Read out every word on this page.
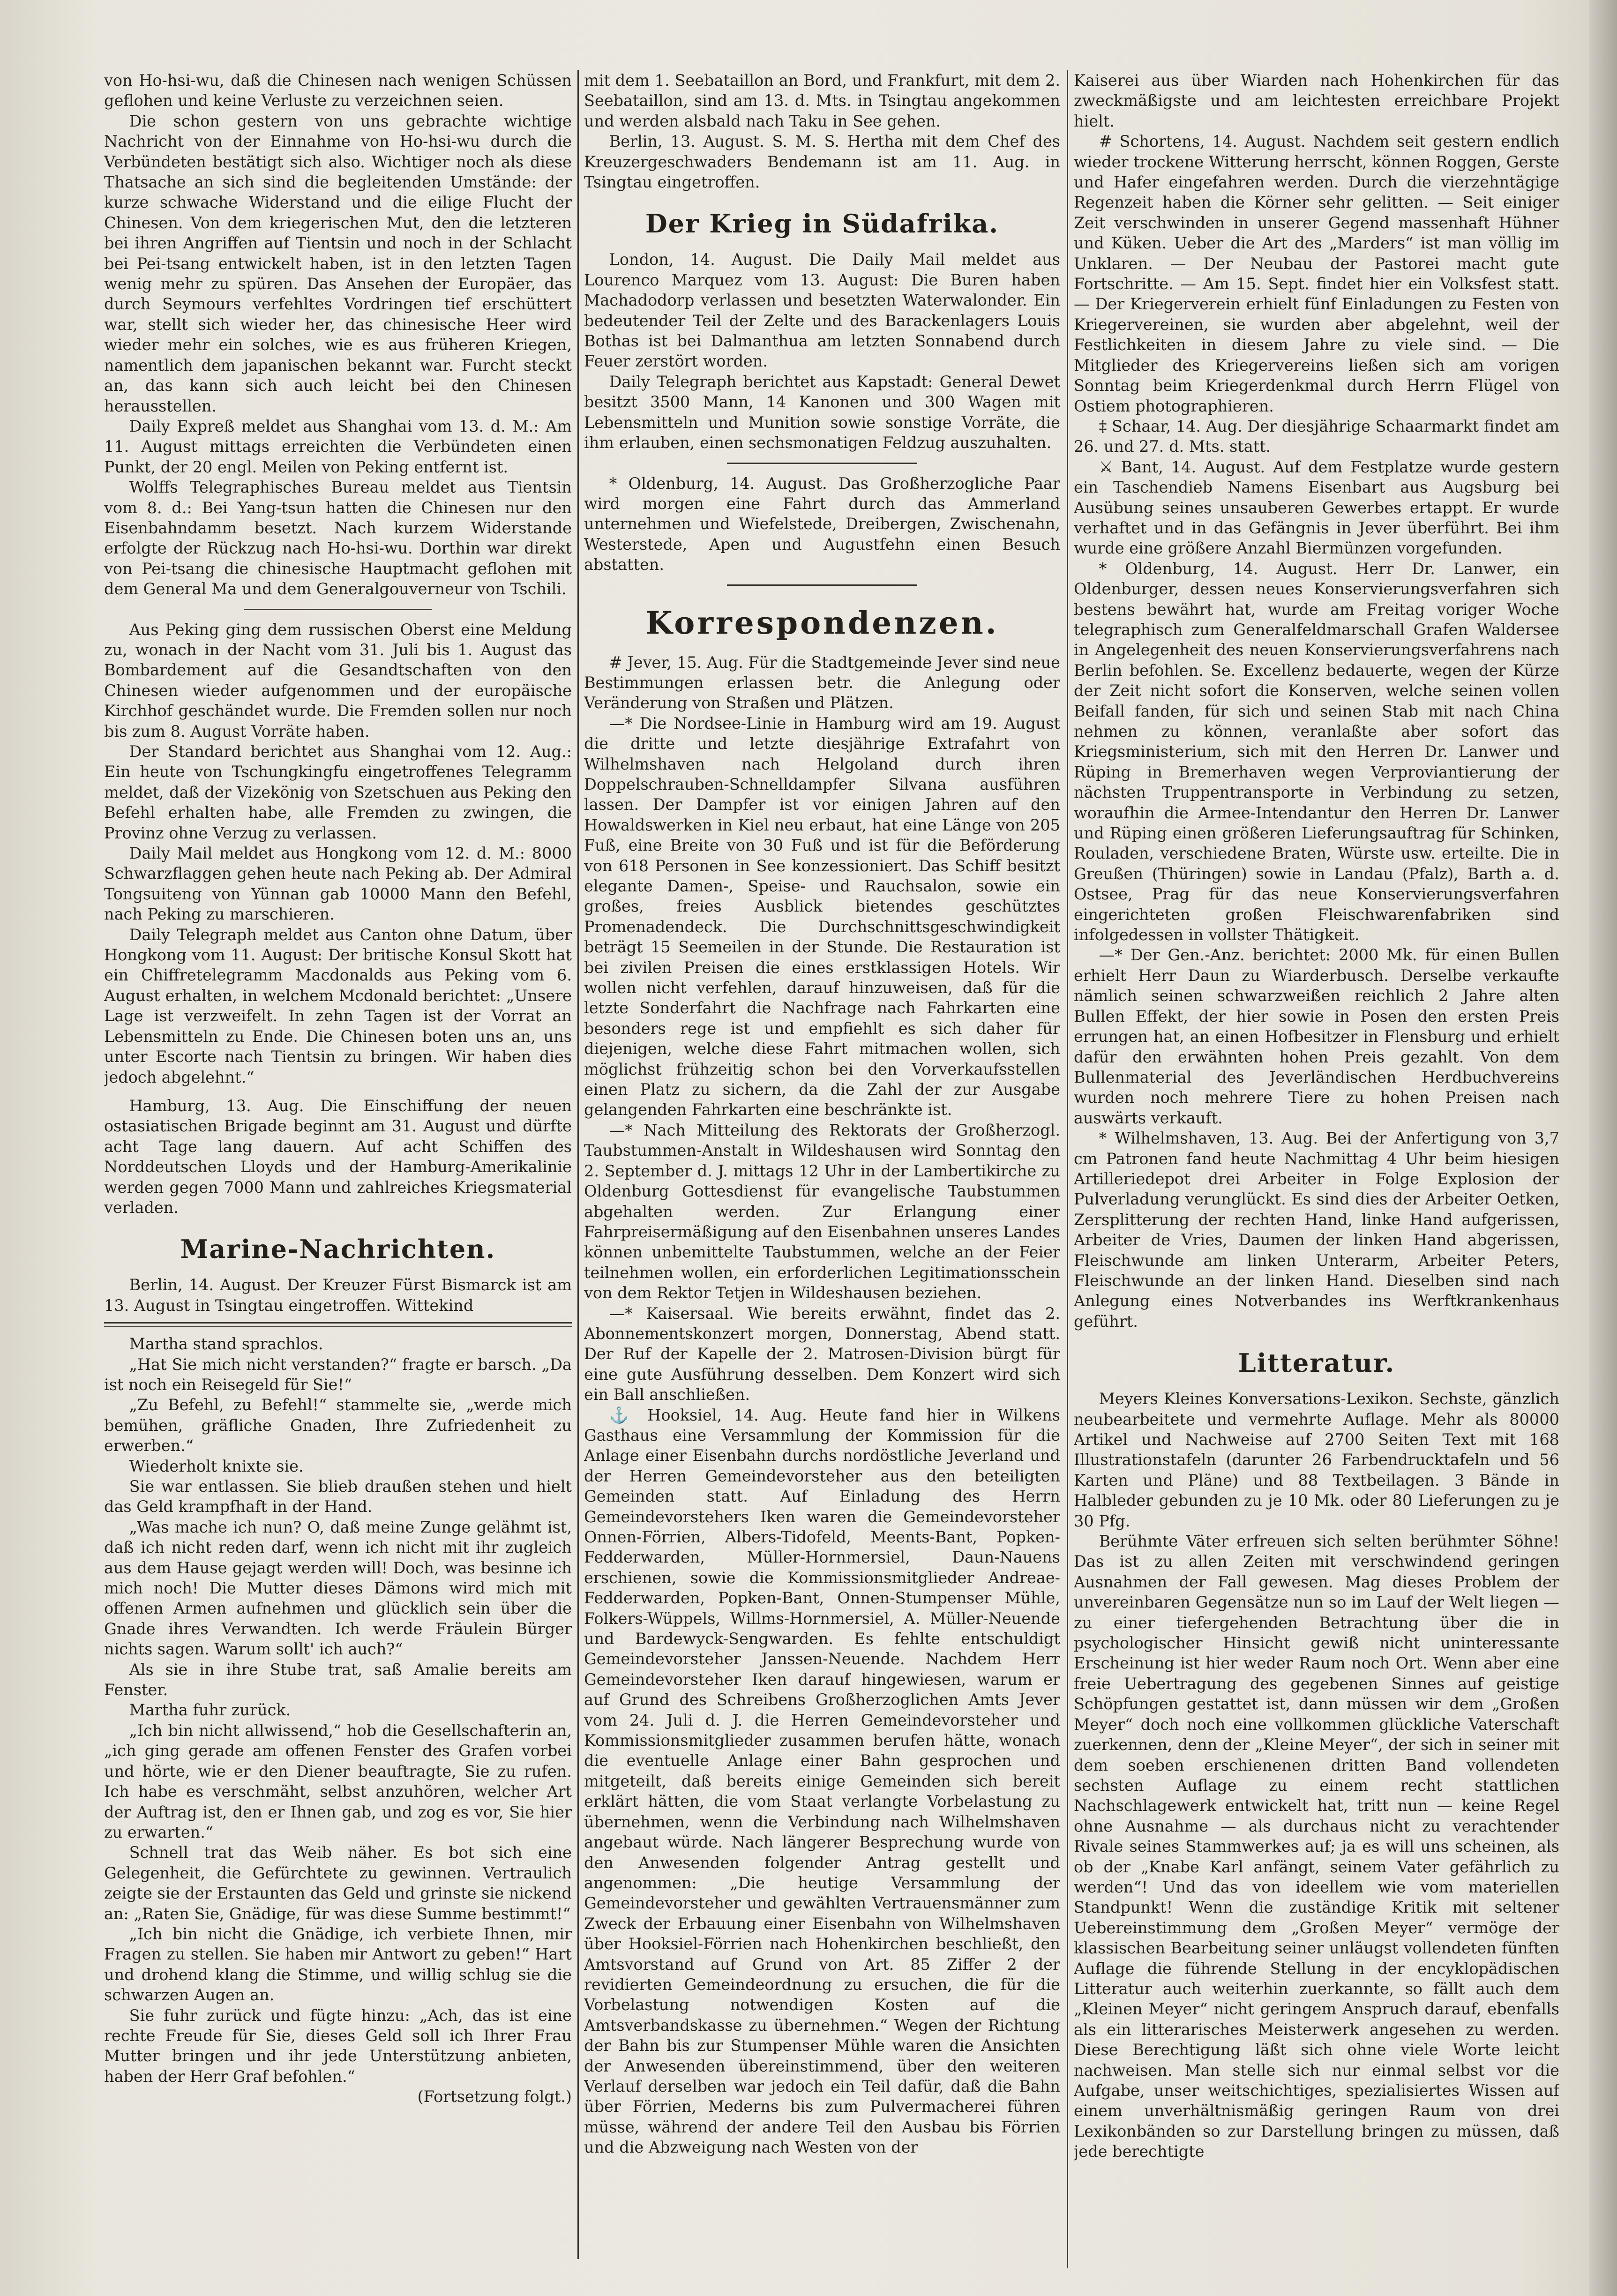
von Ho-hsi-wu, daß die Chinesen nach wenigen Schüssen geflohen und keine Verluste zu verzeichnen seien.

Die schon gestern von uns gebrachte wichtige Nachricht von der Einnahme von Ho-hsi-wu durch die Verbündeten bestätigt sich also. Wichtiger noch als diese Thatsache an sich sind die begleitenden Umstände: der kurze schwache Widerstand und die eilige Flucht der Chinesen. Von dem kriegerischen Mut, den die letzteren bei ihren Angriffen auf Tientsin und noch in der Schlacht bei Pei-tsang entwickelt haben, ist in den letzten Tagen wenig mehr zu spüren. Das Ansehen der Europäer, das durch Seymours verfehltes Vordringen tief erschüttert war, stellt sich wieder her, das chinesische Heer wird wieder mehr ein solches, wie es aus früheren Kriegen, namentlich dem japanischen bekannt war. Furcht steckt an, das kann sich auch leicht bei den Chinesen herausstellen.

Daily Expreß meldet aus Shanghai vom 13. d. M.: Am 11. August mittags erreichten die Verbündeten einen Punkt, der 20 engl. Meilen von Peking entfernt ist.

Wolffs Telegraphisches Bureau meldet aus Tientsin vom 8. d.: Bei Yang-tsun hatten die Chinesen nur den Eisenbahndamm besetzt. Nach kurzem Widerstande erfolgte der Rückzug nach Ho-hsi-wu. Dorthin war direkt von Pei-tsang die chinesische Hauptmacht geflohen mit dem General Ma und dem Generalgouverneur von Tschili.

Aus Peking ging dem russischen Oberst eine Meldung zu, wonach in der Nacht vom 31. Juli bis 1. August das Bombardement auf die Gesandtschaften von den Chinesen wieder aufgenommen und der europäische Kirchhof geschändet wurde. Die Fremden sollen nur noch bis zum 8. August Vorräte haben.

Der Standard berichtet aus Shanghai vom 12. Aug.: Ein heute von Tschungkingfu eingetroffenes Telegramm meldet, daß der Vizekönig von Szetschuen aus Peking den Befehl erhalten habe, alle Fremden zu zwingen, die Provinz ohne Verzug zu verlassen.

Daily Mail meldet aus Hongkong vom 12. d. M.: 8000 Schwarzflaggen gehen heute nach Peking ab. Der Admiral Tongsuiteng von Yünnan gab 10000 Mann den Befehl, nach Peking zu marschieren.

Daily Telegraph meldet aus Canton ohne Datum, über Hongkong vom 11. August: Der britische Konsul Skott hat ein Chiffretelegramm Macdonalds aus Peking vom 6. August erhalten, in welchem Mcdonald berichtet: „Unsere Lage ist verzweifelt. In zehn Tagen ist der Vorrat an Lebensmitteln zu Ende. Die Chinesen boten uns an, uns unter Escorte nach Tientsin zu bringen. Wir haben dies jedoch abgelehnt.“

Hamburg, 13. Aug. Die Einschiffung der neuen ostasiatischen Brigade beginnt am 31. August und dürfte acht Tage lang dauern. Auf acht Schiffen des Norddeutschen Lloyds und der Hamburg-Amerikalinie werden gegen 7000 Mann und zahlreiches Kriegsmaterial verladen.

Marine-Nachrichten.

Berlin, 14. August. Der Kreuzer Fürst Bismarck ist am 13. August in Tsingtau eingetroffen. Wittekind

Martha stand sprachlos.

„Hat Sie mich nicht verstanden?“ fragte er barsch. „Da ist noch ein Reisegeld für Sie!“

„Zu Befehl, zu Befehl!“ stammelte sie, „werde mich bemühen, gräfliche Gnaden, Ihre Zufriedenheit zu erwerben.“

Wiederholt knixte sie.

Sie war entlassen. Sie blieb draußen stehen und hielt das Geld krampfhaft in der Hand.

„Was mache ich nun? O, daß meine Zunge gelähmt ist, daß ich nicht reden darf, wenn ich nicht mit ihr zugleich aus dem Hause gejagt werden will! Doch, was besinne ich mich noch! Die Mutter dieses Dämons wird mich mit offenen Armen aufnehmen und glücklich sein über die Gnade ihres Verwandten. Ich werde Fräulein Bürger nichts sagen. Warum sollt' ich auch?“

Als sie in ihre Stube trat, saß Amalie bereits am Fenster.

Martha fuhr zurück.

„Ich bin nicht allwissend,“ hob die Gesellschafterin an, „ich ging gerade am offenen Fenster des Grafen vorbei und hörte, wie er den Diener beauftragte, Sie zu rufen. Ich habe es verschmäht, selbst anzuhören, welcher Art der Auftrag ist, den er Ihnen gab, und zog es vor, Sie hier zu erwarten.“

Schnell trat das Weib näher. Es bot sich eine Gelegenheit, die Gefürchtete zu gewinnen. Vertraulich zeigte sie der Erstaunten das Geld und grinste sie nickend an: „Raten Sie, Gnädige, für was diese Summe bestimmt!“

„Ich bin nicht die Gnädige, ich verbiete Ihnen, mir Fragen zu stellen. Sie haben mir Antwort zu geben!“ Hart und drohend klang die Stimme, und willig schlug sie die schwarzen Augen an.

Sie fuhr zurück und fügte hinzu: „Ach, das ist eine rechte Freude für Sie, dieses Geld soll ich Ihrer Frau Mutter bringen und ihr jede Unterstützung anbieten, haben der Herr Graf befohlen.“

(Fortsetzung folgt.)

mit dem 1. Seebataillon an Bord, und Frankfurt, mit dem 2. Seebataillon, sind am 13. d. Mts. in Tsingtau angekommen und werden alsbald nach Taku in See gehen.

Berlin, 13. August. S. M. S. Hertha mit dem Chef des Kreuzergeschwaders Bendemann ist am 11. Aug. in Tsingtau eingetroffen.

Der Krieg in Südafrika.

London, 14. August. Die Daily Mail meldet aus Lourenco Marquez vom 13. August: Die Buren haben Machadodorp verlassen und besetzten Waterwalonder. Ein bedeutender Teil der Zelte und des Barackenlagers Louis Bothas ist bei Dalmanthua am letzten Sonnabend durch Feuer zerstört worden.

Daily Telegraph berichtet aus Kapstadt: General Dewet besitzt 3500 Mann, 14 Kanonen und 300 Wagen mit Lebensmitteln und Munition sowie sonstige Vorräte, die ihm erlauben, einen sechsmonatigen Feldzug auszuhalten.

* Oldenburg, 14. August. Das Großherzogliche Paar wird morgen eine Fahrt durch das Ammerland unternehmen und Wiefelstede, Dreibergen, Zwischenahn, Westerstede, Apen und Augustfehn einen Besuch abstatten.

Korrespondenzen.

# Jever, 15. Aug. Für die Stadtgemeinde Jever sind neue Bestimmungen erlassen betr. die Anlegung oder Veränderung von Straßen und Plätzen.

—* Die Nordsee-Linie in Hamburg wird am 19. August die dritte und letzte diesjährige Extrafahrt von Wilhelmshaven nach Helgoland durch ihren Doppelschrauben-Schnelldampfer Silvana ausführen lassen. Der Dampfer ist vor einigen Jahren auf den Howaldswerken in Kiel neu erbaut, hat eine Länge von 205 Fuß, eine Breite von 30 Fuß und ist für die Beförderung von 618 Personen in See konzessioniert. Das Schiff besitzt elegante Damen-, Speise- und Rauchsalon, sowie ein großes, freies Ausblick bietendes geschütztes Promenadendeck. Die Durchschnittsgeschwindigkeit beträgt 15 Seemeilen in der Stunde. Die Restauration ist bei zivilen Preisen die eines erstklassigen Hotels. Wir wollen nicht verfehlen, darauf hinzuweisen, daß für die letzte Sonderfahrt die Nachfrage nach Fahrkarten eine besonders rege ist und empfiehlt es sich daher für diejenigen, welche diese Fahrt mitmachen wollen, sich möglichst frühzeitig schon bei den Vorverkaufsstellen einen Platz zu sichern, da die Zahl der zur Ausgabe gelangenden Fahrkarten eine beschränkte ist.

—* Nach Mitteilung des Rektorats der Großherzogl. Taubstummen-Anstalt in Wildeshausen wird Sonntag den 2. September d. J. mittags 12 Uhr in der Lambertikirche zu Oldenburg Gottesdienst für evangelische Taubstummen abgehalten werden. Zur Erlangung einer Fahrpreisermäßigung auf den Eisenbahnen unseres Landes können unbemittelte Taubstummen, welche an der Feier teilnehmen wollen, ein erforderlichen Legitimationsschein von dem Rektor Tetjen in Wildeshausen beziehen.

—* Kaisersaal. Wie bereits erwähnt, findet das 2. Abonnementskonzert morgen, Donnerstag, Abend statt. Der Ruf der Kapelle der 2. Matrosen-Division bürgt für eine gute Ausführung desselben. Dem Konzert wird sich ein Ball anschließen.

⚓ Hooksiel, 14. Aug. Heute fand hier in Wilkens Gasthaus eine Versammlung der Kommission für die Anlage einer Eisenbahn durchs nordöstliche Jeverland und der Herren Gemeindevorsteher aus den beteiligten Gemeinden statt. Auf Einladung des Herrn Gemeindevorstehers Iken waren die Gemeindevorsteher Onnen-Förrien, Albers-Tidofeld, Meents-Bant, Popken-Fedderwarden, Müller-Hornmersiel, Daun-Nauens erschienen, sowie die Kommissionsmitglieder Andreae-Fedderwarden, Popken-Bant, Onnen-Stumpenser Mühle, Folkers-Wüppels, Willms-Hornmersiel, A. Müller-Neuende und Bardewyck-Sengwarden. Es fehlte entschuldigt Gemeindevorsteher Janssen-Neuende. Nachdem Herr Gemeindevorsteher Iken darauf hingewiesen, warum er auf Grund des Schreibens Großherzoglichen Amts Jever vom 24. Juli d. J. die Herren Gemeindevorsteher und Kommissionsmitglieder zusammen berufen hätte, wonach die eventuelle Anlage einer Bahn gesprochen und mitgeteilt, daß bereits einige Gemeinden sich bereit erklärt hätten, die vom Staat verlangte Vorbelastung zu übernehmen, wenn die Verbindung nach Wilhelmshaven angebaut würde. Nach längerer Besprechung wurde von den Anwesenden folgender Antrag gestellt und angenommen: „Die heutige Versammlung der Gemeindevorsteher und gewählten Vertrauensmänner zum Zweck der Erbauung einer Eisenbahn von Wilhelmshaven über Hooksiel-Förrien nach Hohenkirchen beschließt, den Amtsvorstand auf Grund von Art. 85 Ziffer 2 der revidierten Gemeindeordnung zu ersuchen, die für die Vorbelastung notwendigen Kosten auf die Amtsverbandskasse zu übernehmen.“ Wegen der Richtung der Bahn bis zur Stumpenser Mühle waren die Ansichten der Anwesenden übereinstimmend, über den weiteren Verlauf derselben war jedoch ein Teil dafür, daß die Bahn über Förrien, Mederns bis zum Pulvermacherei führen müsse, während der andere Teil den Ausbau bis Förrien und die Abzweigung nach Westen von der

Kaiserei aus über Wiarden nach Hohenkirchen für das zweckmäßigste und am leichtesten erreichbare Projekt hielt.

# Schortens, 14. August. Nachdem seit gestern endlich wieder trockene Witterung herrscht, können Roggen, Gerste und Hafer eingefahren werden. Durch die vierzehntägige Regenzeit haben die Körner sehr gelitten. — Seit einiger Zeit verschwinden in unserer Gegend massenhaft Hühner und Küken. Ueber die Art des „Marders“ ist man völlig im Unklaren. — Der Neubau der Pastorei macht gute Fortschritte. — Am 15. Sept. findet hier ein Volksfest statt. — Der Kriegerverein erhielt fünf Einladungen zu Festen von Kriegervereinen, sie wurden aber abgelehnt, weil der Festlichkeiten in diesem Jahre zu viele sind. — Die Mitglieder des Kriegervereins ließen sich am vorigen Sonntag beim Kriegerdenkmal durch Herrn Flügel von Ostiem photographieren.

‡ Schaar, 14. Aug. Der diesjährige Schaarmarkt findet am 26. und 27. d. Mts. statt.

⚔ Bant, 14. August. Auf dem Festplatze wurde gestern ein Taschendieb Namens Eisenbart aus Augsburg bei Ausübung seines unsauberen Gewerbes ertappt. Er wurde verhaftet und in das Gefängnis in Jever überführt. Bei ihm wurde eine größere Anzahl Biermünzen vorgefunden.

* Oldenburg, 14. August. Herr Dr. Lanwer, ein Oldenburger, dessen neues Konservierungsverfahren sich bestens bewährt hat, wurde am Freitag voriger Woche telegraphisch zum Generalfeldmarschall Grafen Waldersee in Angelegenheit des neuen Konservierungsverfahrens nach Berlin befohlen. Se. Excellenz bedauerte, wegen der Kürze der Zeit nicht sofort die Konserven, welche seinen vollen Beifall fanden, für sich und seinen Stab mit nach China nehmen zu können, veranlaßte aber sofort das Kriegsministerium, sich mit den Herren Dr. Lanwer und Rüping in Bremerhaven wegen Verproviantierung der nächsten Truppentransporte in Verbindung zu setzen, woraufhin die Armee-Intendantur den Herren Dr. Lanwer und Rüping einen größeren Lieferungsauftrag für Schinken, Rouladen, verschiedene Braten, Würste usw. erteilte. Die in Greußen (Thüringen) sowie in Landau (Pfalz), Barth a. d. Ostsee, Prag für das neue Konservierungsverfahren eingerichteten großen Fleischwarenfabriken sind infolgedessen in vollster Thätigkeit.

—* Der Gen.-Anz. berichtet: 2000 Mk. für einen Bullen erhielt Herr Daun zu Wiarderbusch. Derselbe verkaufte nämlich seinen schwarzweißen reichlich 2 Jahre alten Bullen Effekt, der hier sowie in Posen den ersten Preis errungen hat, an einen Hofbesitzer in Flensburg und erhielt dafür den erwähnten hohen Preis gezahlt. Von dem Bullenmaterial des Jeverländischen Herdbuchvereins wurden noch mehrere Tiere zu hohen Preisen nach auswärts verkauft.

* Wilhelmshaven, 13. Aug. Bei der Anfertigung von 3,7 cm Patronen fand heute Nachmittag 4 Uhr beim hiesigen Artilleriedepot drei Arbeiter in Folge Explosion der Pulverladung verunglückt. Es sind dies der Arbeiter Oetken, Zersplitterung der rechten Hand, linke Hand aufgerissen, Arbeiter de Vries, Daumen der linken Hand abgerissen, Fleischwunde am linken Unterarm, Arbeiter Peters, Fleischwunde an der linken Hand. Dieselben sind nach Anlegung eines Notverbandes ins Werftkrankenhaus geführt.

Litteratur.

Meyers Kleines Konversations-Lexikon. Sechste, gänzlich neubearbeitete und vermehrte Auflage. Mehr als 80000 Artikel und Nachweise auf 2700 Seiten Text mit 168 Illustrationstafeln (darunter 26 Farbendrucktafeln und 56 Karten und Pläne) und 88 Textbeilagen. 3 Bände in Halbleder gebunden zu je 10 Mk. oder 80 Lieferungen zu je 30 Pfg.

Berühmte Väter erfreuen sich selten berühmter Söhne! Das ist zu allen Zeiten mit verschwindend geringen Ausnahmen der Fall gewesen. Mag dieses Problem der unvereinbaren Gegensätze nun so im Lauf der Welt liegen — zu einer tiefergehenden Betrachtung über die in psychologischer Hinsicht gewiß nicht uninteressante Erscheinung ist hier weder Raum noch Ort. Wenn aber eine freie Uebertragung des gegebenen Sinnes auf geistige Schöpfungen gestattet ist, dann müssen wir dem „Großen Meyer“ doch noch eine vollkommen glückliche Vaterschaft zuerkennen, denn der „Kleine Meyer“, der sich in seiner mit dem soeben erschienenen dritten Band vollendeten sechsten Auflage zu einem recht stattlichen Nachschlagewerk entwickelt hat, tritt nun — keine Regel ohne Ausnahme — als durchaus nicht zu verachtender Rivale seines Stammwerkes auf; ja es will uns scheinen, als ob der „Knabe Karl anfängt, seinem Vater gefährlich zu werden“! Und das von ideellem wie vom materiellen Standpunkt! Wenn die zuständige Kritik mit seltener Uebereinstimmung dem „Großen Meyer“ vermöge der klassischen Bearbeitung seiner unläugst vollendeten fünften Auflage die führende Stellung in der encyklopädischen Litteratur auch weiterhin zuerkannte, so fällt auch dem „Kleinen Meyer“ nicht geringem Anspruch darauf, ebenfalls als ein litterarisches Meisterwerk angesehen zu werden. Diese Berechtigung läßt sich ohne viele Worte leicht nachweisen. Man stelle sich nur einmal selbst vor die Aufgabe, unser weitschichtiges, spezialisiertes Wissen auf einem unverhältnismäßig geringen Raum von drei Lexikonbänden so zur Darstellung bringen zu müssen, daß jede berechtigte
